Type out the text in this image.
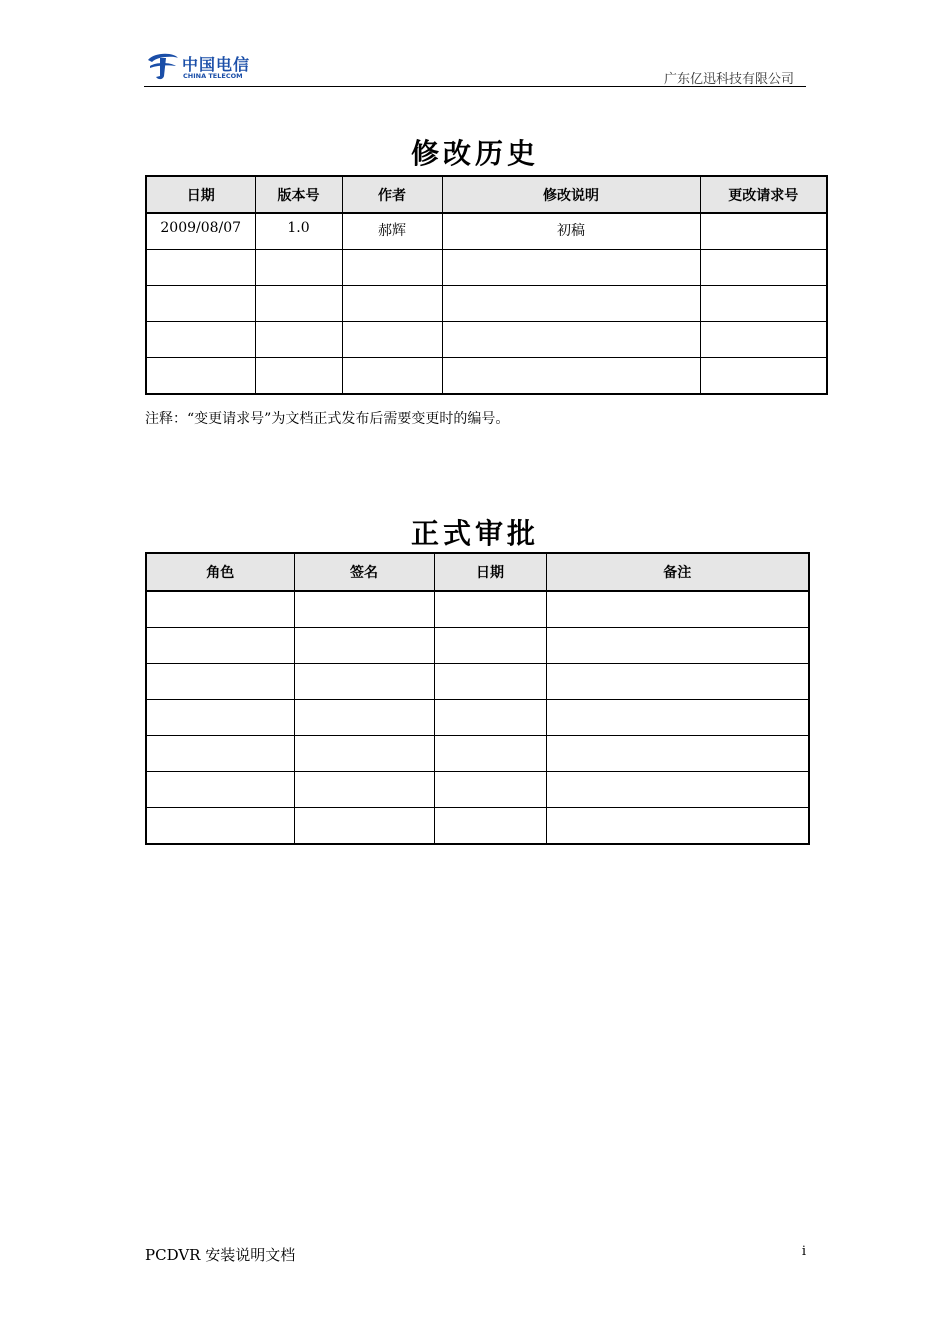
中国电信
CHINA TELECOM	广东亿迅科技有限公司
修改历史
日期	版本号	作者	修改说明	更改请求号
2009/08/07	1.0	郝辉	初稿	

注释：“变更请求号”为文档正式发布后需要变更时的编号。
正式审批
角色	签名	日期	备注

PCDVR 安装说明文档	i
